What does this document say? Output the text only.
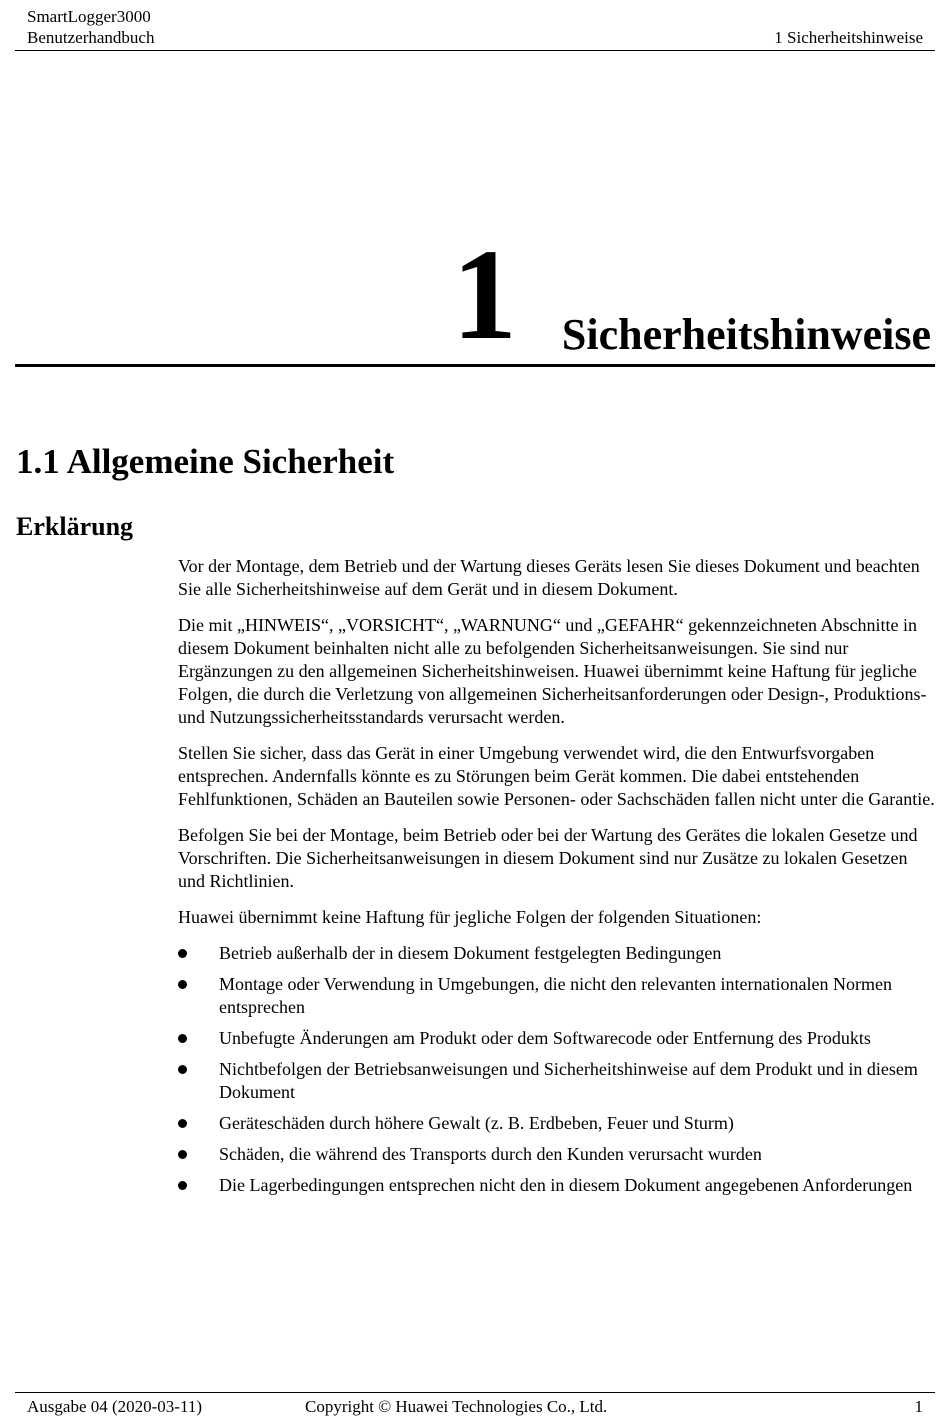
SmartLogger3000
Benutzerhandbuch	1 Sicherheitshinweise
1 Sicherheitshinweise
1.1 Allgemeine Sicherheit
Erklärung

Vor der Montage, dem Betrieb und der Wartung dieses Geräts lesen Sie dieses Dokument und beachten Sie alle Sicherheitshinweise auf dem Gerät und in diesem Dokument.

Die mit „HINWEIS“, „VORSICHT“, „WARNUNG“ und „GEFAHR“ gekennzeichneten Abschnitte in diesem Dokument beinhalten nicht alle zu befolgenden Sicherheitsanweisungen. Sie sind nur Ergänzungen zu den allgemeinen Sicherheitshinweisen. Huawei übernimmt keine Haftung für jegliche Folgen, die durch die Verletzung von allgemeinen Sicherheitsanforderungen oder Design-, Produktions- und Nutzungssicherheitsstandards verursacht werden.

Stellen Sie sicher, dass das Gerät in einer Umgebung verwendet wird, die den Entwurfsvorgaben entsprechen. Andernfalls könnte es zu Störungen beim Gerät kommen. Die dabei entstehenden Fehlfunktionen, Schäden an Bauteilen sowie Personen- oder Sachschäden fallen nicht unter die Garantie.

Befolgen Sie bei der Montage, beim Betrieb oder bei der Wartung des Gerätes die lokalen Gesetze und Vorschriften. Die Sicherheitsanweisungen in diesem Dokument sind nur Zusätze zu lokalen Gesetzen und Richtlinien.

Huawei übernimmt keine Haftung für jegliche Folgen der folgenden Situationen:

Betrieb außerhalb der in diesem Dokument festgelegten Bedingungen
Montage oder Verwendung in Umgebungen, die nicht den relevanten internationalen Normen entsprechen
Unbefugte Änderungen am Produkt oder dem Softwarecode oder Entfernung des Produkts
Nichtbefolgen der Betriebsanweisungen und Sicherheitshinweise auf dem Produkt und in diesem Dokument
Geräteschäden durch höhere Gewalt (z. B. Erdbeben, Feuer und Sturm)
Schäden, die während des Transports durch den Kunden verursacht wurden
Die Lagerbedingungen entsprechen nicht den in diesem Dokument angegebenen Anforderungen
Ausgabe 04 (2020-03-11)	Copyright © Huawei Technologies Co., Ltd.	1
